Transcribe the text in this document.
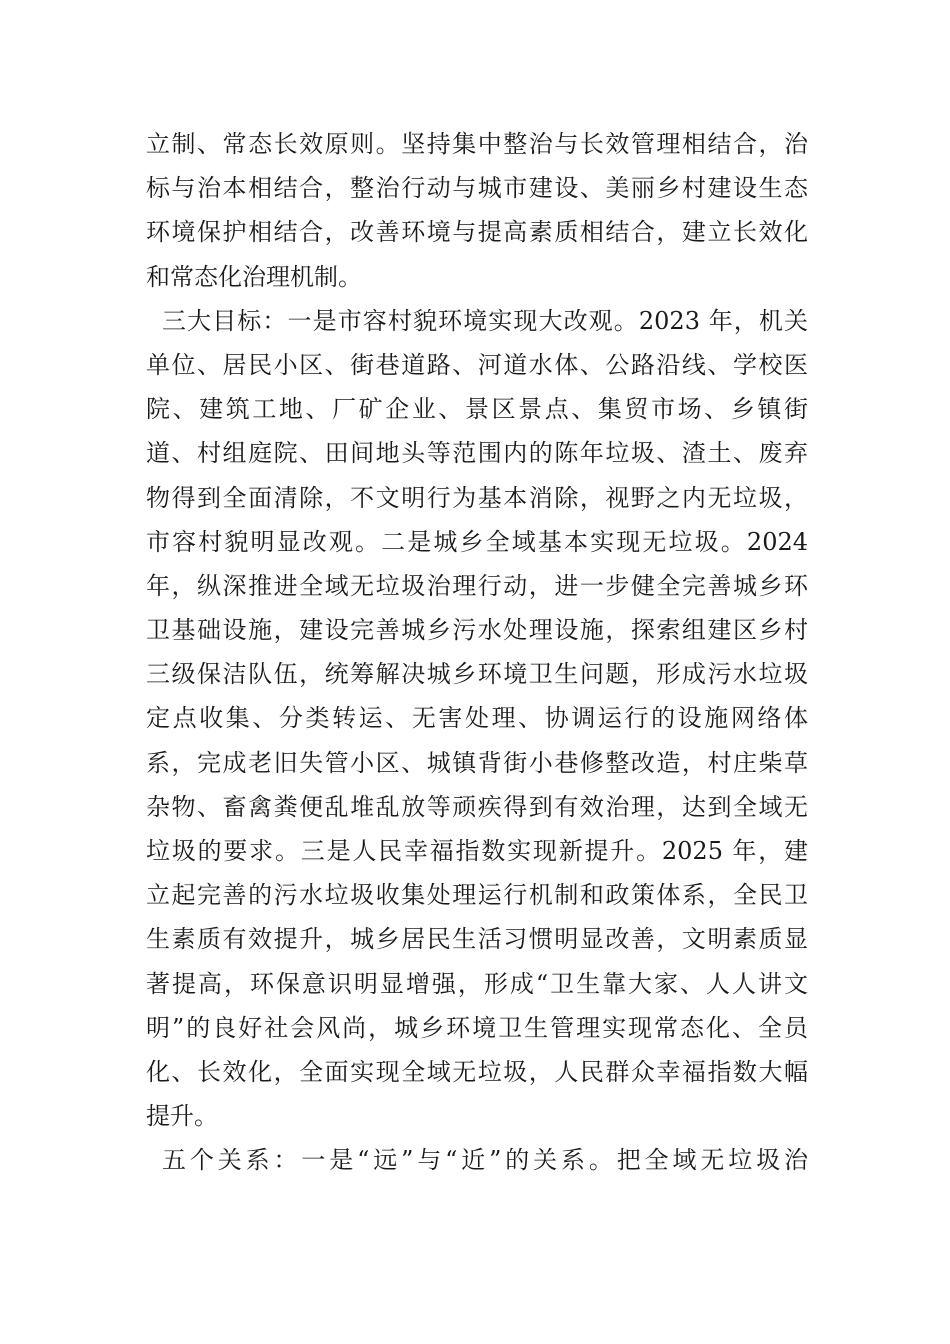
立制、常态长效原则。坚持集中整治与长效管理相结合，治
标与治本相结合，整治行动与城市建设、美丽乡村建设生态
环境保护相结合，改善环境与提高素质相结合，建立长效化
和常态化治理机制。
三大目标：一是市容村貌环境实现大改观。2023 年，机关
单位、居民小区、街巷道路、河道水体、公路沿线、学校医
院、建筑工地、厂矿企业、景区景点、集贸市场、乡镇街
道、村组庭院、田间地头等范围内的陈年垃圾、渣土、废弃
物得到全面清除，不文明行为基本消除，视野之内无垃圾，
市容村貌明显改观。二是城乡全域基本实现无垃圾。2024
年，纵深推进全域无垃圾治理行动，进一步健全完善城乡环
卫基础设施，建设完善城乡污水处理设施，探索组建区乡村
三级保洁队伍，统筹解决城乡环境卫生问题，形成污水垃圾
定点收集、分类转运、无害处理、协调运行的设施网络体
系，完成老旧失管小区、城镇背街小巷修整改造，村庄柴草
杂物、畜禽粪便乱堆乱放等顽疾得到有效治理，达到全域无
垃圾的要求。三是人民幸福指数实现新提升。2025 年，建
立起完善的污水垃圾收集处理运行机制和政策体系，全民卫
生素质有效提升，城乡居民生活习惯明显改善，文明素质显
著提高，环保意识明显增强，形成“卫生靠大家、人人讲文
明”的良好社会风尚，城乡环境卫生管理实现常态化、全员
化、长效化，全面实现全域无垃圾，人民群众幸福指数大幅
提升。
五个关系：一是“远”与“近”的关系。把全域无垃圾治
